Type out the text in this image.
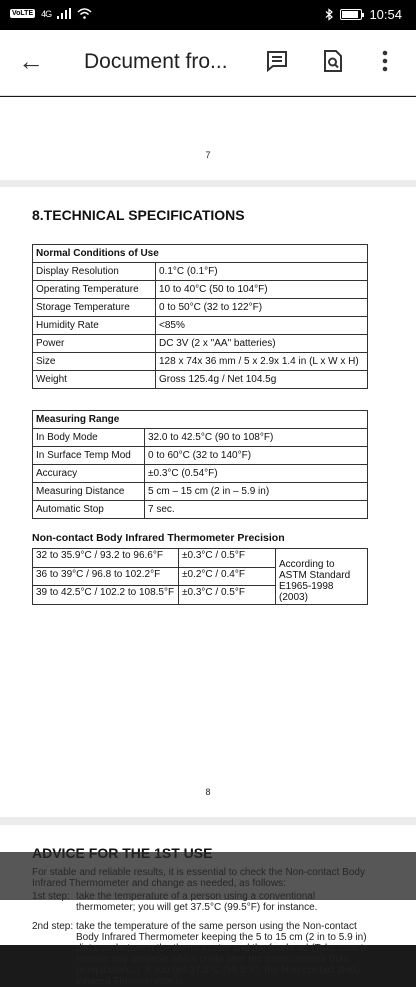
VoLTE 4G	10:54
← Document fro...
7
8.TECHNICAL SPECIFICATIONS
Normal Conditions of Use	
Display Resolution	0.1°C (0.1°F)
Operating Temperature	10 to 40°C (50 to 104°F)
Storage Temperature	0 to 50°C (32 to 122°F)
Humidity Rate	<85%
Power	DC 3V (2 x "AA" batteries)
Size	128 x 74x 36 mm / 5 x 2.9x 1.4 in (L x W x H)
Weight	Gross 125.4g / Net 104.5g
Measuring Range	
In Body Mode	32.0 to 42.5°C (90 to 108°F)
In Surface Temp Mod	0 to 60°C (32 to 140°F)
Accuracy	±0.3°C (0.54°F)
Measuring Distance	5 cm – 15 cm (2 in – 5.9 in)
Automatic Stop	7 sec.
Non-contact Body Infrared Thermometer Precision
32 to 35.9°C / 93.2 to 96.6°F	±0.3°C / 0.5°F	According to ASTM Standard E1965-1998 (2003)
36 to 39°C / 96.8 to 102.2°F	±0.2°C / 0.4°F	
39 to 42.5°C / 102.2 to 108.5°F	±0.3°C / 0.5°F	
8
thermometer; you will get 37.5°C (99.5°F) for instance.
2nd step: take the temperature of the same person using the Non-contact Body Infrared Thermometer keeping the 5 to 15 cm (2 in to 5.9 in) distance between the thermometer and the forehead (Take care to remove any obstacle which could alter the measurement (hair, perspiration...). If you get 37.5°C (99.5°F), the Non-contact Body Infrared Thermometer is
